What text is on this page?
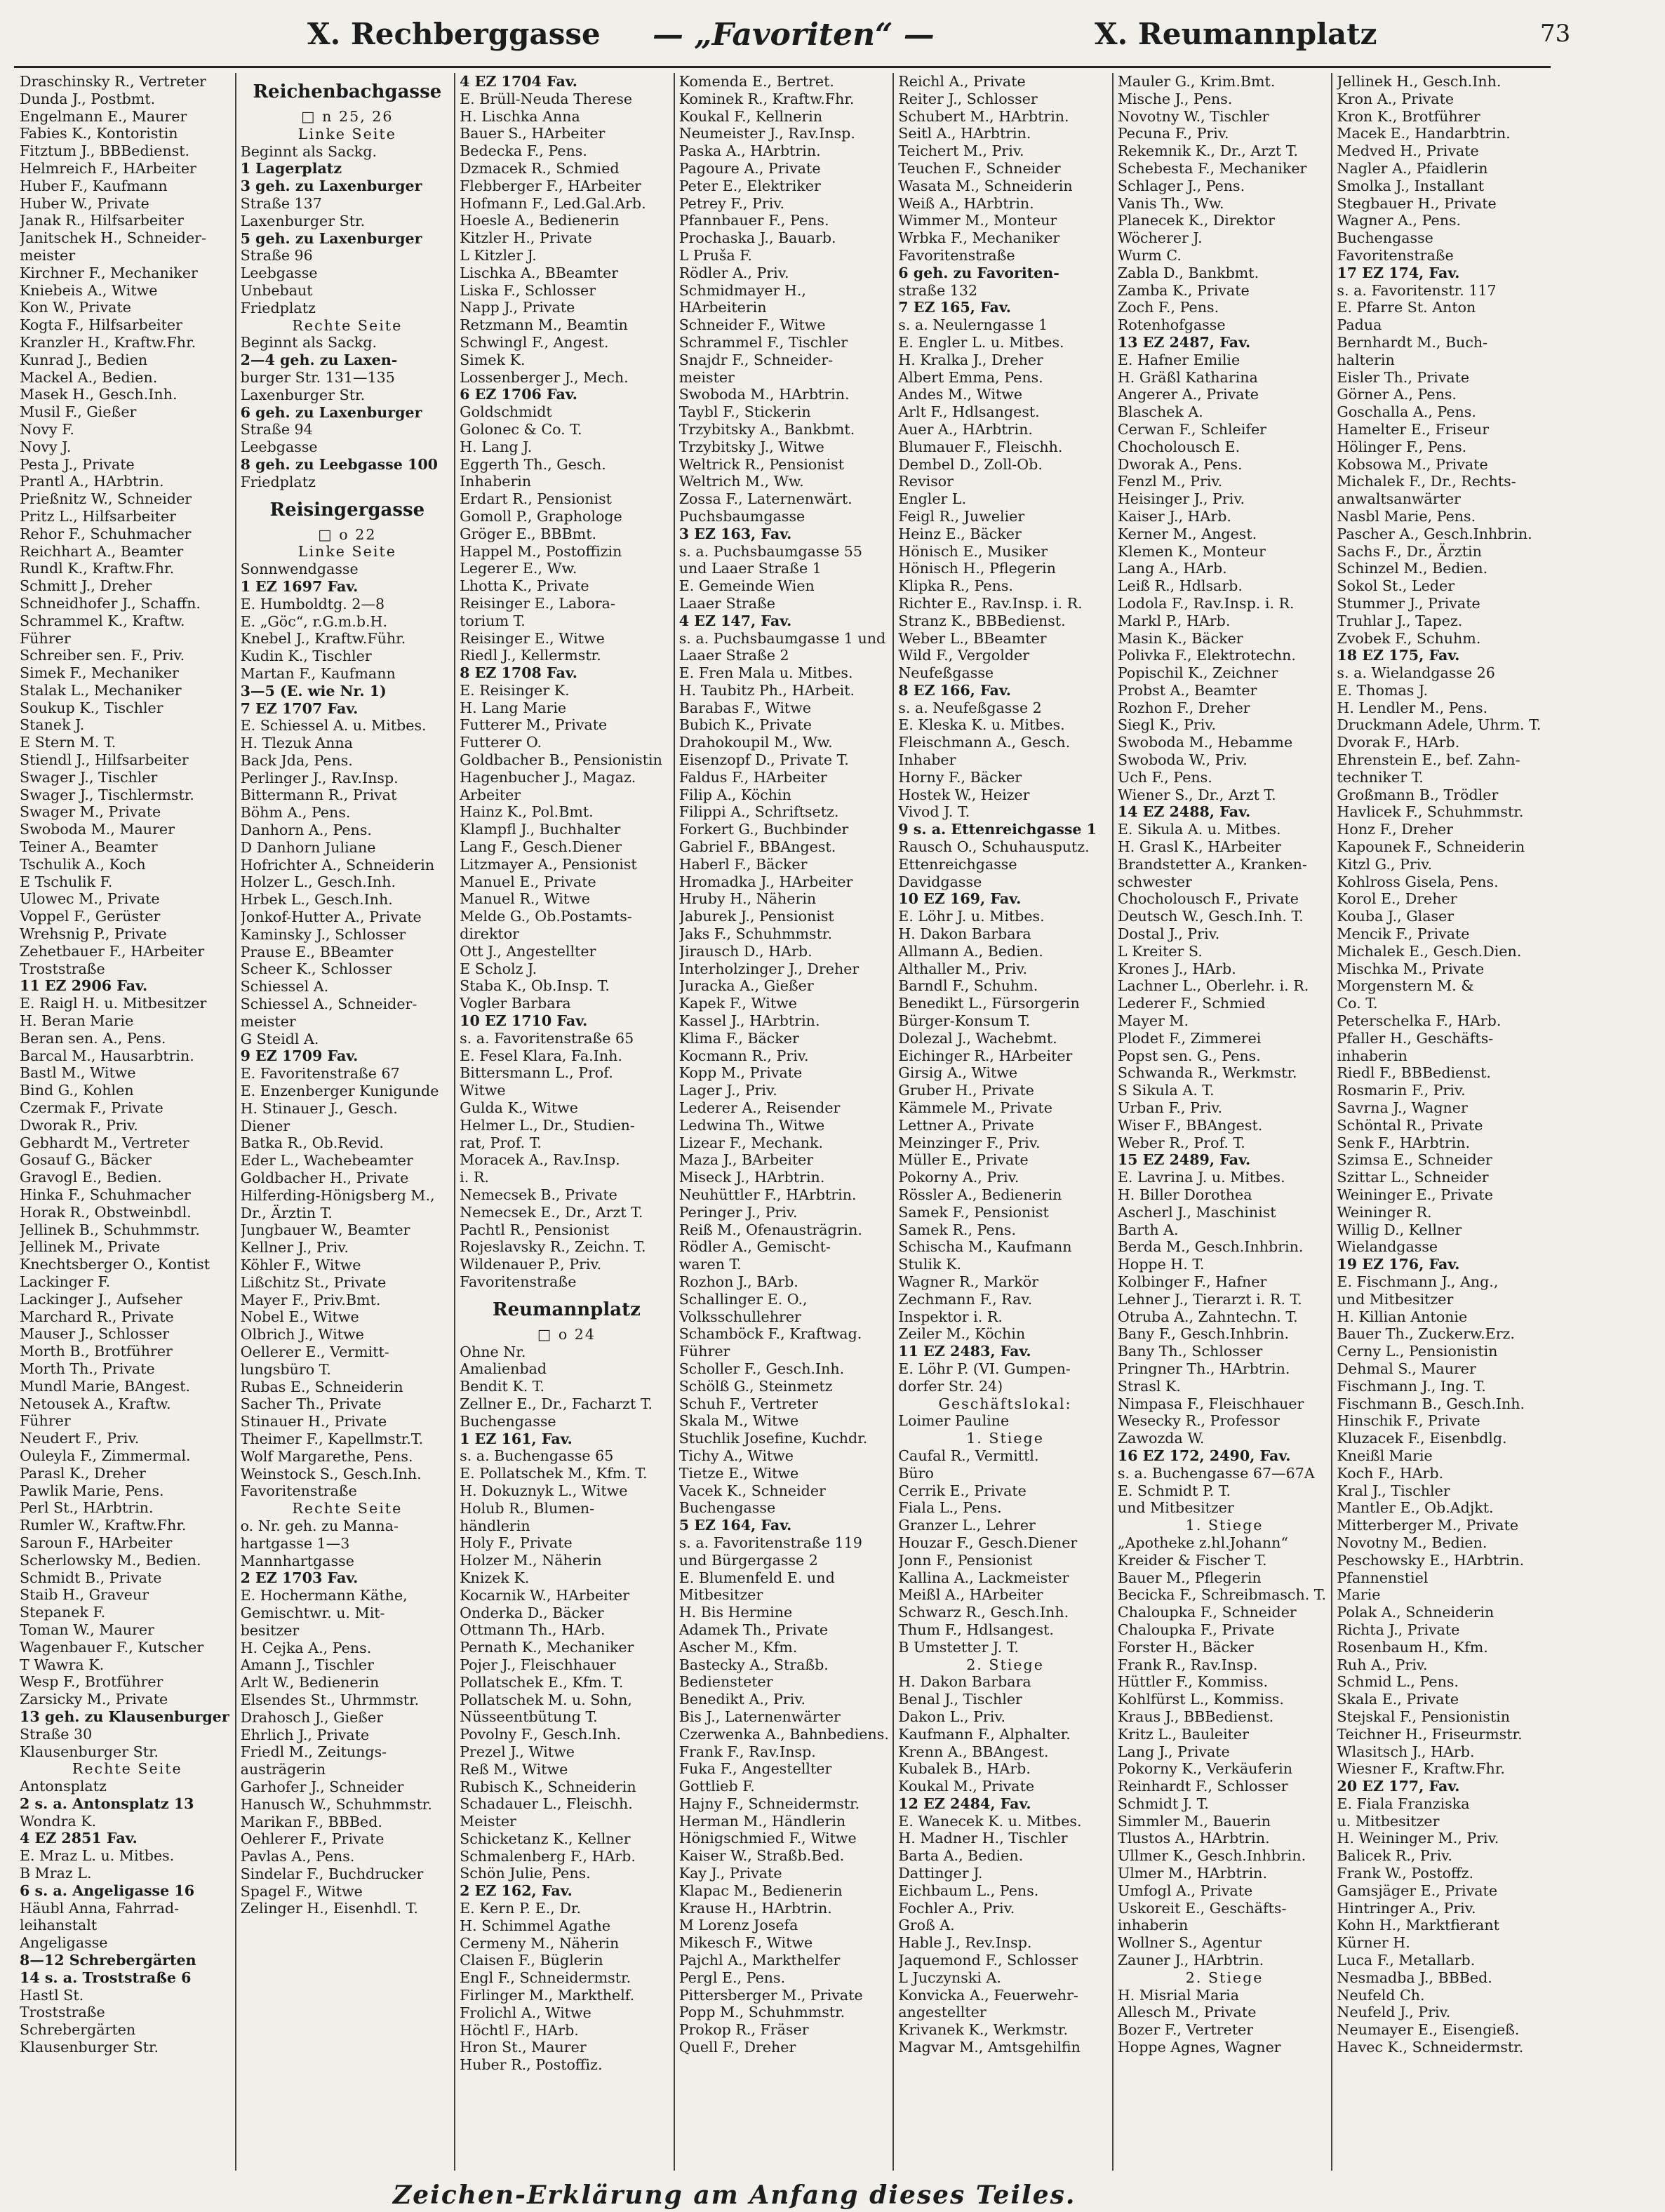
X. Rechberggasse — „Favoriten“ —	X. Reumannplatz	73
Draschinsky R., Vertreter
Dunda J., Postbmt.
Engelmann E., Maurer
Fabies K., Kontoristin
Fitztum J., BBBedienst.
Helmreich F., HArbeiter
Huber F., Kaufmann
Huber W., Private
Janak R., Hilfsarbeiter
Janitschek H., Schneider-
meister
Kirchner F., Mechaniker
Kniebeis A., Witwe
Kon W., Private
Kogta F., Hilfsarbeiter
Kranzler H., Kraftw.Fhr.
Kunrad J., Bedien
Mackel A., Bedien.
Masek H., Gesch.Inh.
Musil F., Gießer
Novy F.
Novy J.
Pesta J., Private
Prantl A., HArbtrin.
Prießnitz W., Schneider
Pritz L., Hilfsarbeiter
Rehor F., Schuhmacher
Reichhart A., Beamter
Rundl K., Kraftw.Fhr.
Schmitt J., Dreher
Schneidhofer J., Schaffn.
Schrammel K., Kraftw.
Führer
Schreiber sen. F., Priv.
Simek F., Mechaniker
Stalak L., Mechaniker
Soukup K., Tischler
Stanek J.
E Stern M. T.
Stiendl J., Hilfsarbeiter
Swager J., Tischler
Swager J., Tischlermstr.
Swager M., Private
Swoboda M., Maurer
Teiner A., Beamter
Tschulik A., Koch
E Tschulik F.
Ulowec M., Private
Voppel F., Gerüster
Wrehsnig P., Private
Zehetbauer F., HArbeiter
Troststraße
11 EZ 2906 Fav.
E. Raigl H. u. Mitbesitzer
H. Beran Marie
Beran sen. A., Pens.
Barcal M., Hausarbtrin.
Bastl M., Witwe
Bind G., Kohlen
Czermak F., Private
Dworak R., Priv.
Gebhardt M., Vertreter
Gosauf G., Bäcker
Gravogl E., Bedien.
Hinka F., Schuhmacher
Horak R., Obstweinbdl.
Jellinek B., Schuhmmstr.
Jellinek M., Private
Knechtsberger O., Kontist
Lackinger F.
Lackinger J., Aufseher
Marchard R., Private
Mauser J., Schlosser
Morth B., Brotführer
Morth Th., Private
Mundl Marie, BAngest.
Netousek A., Kraftw.
Führer
Neudert F., Priv.
Ouleyla F., Zimmermal.
Parasl K., Dreher
Pawlik Marie, Pens.
Perl St., HArbtrin.
Rumler W., Kraftw.Fhr.
Saroun F., HArbeiter
Scherlowsky M., Bedien.
Schmidt B., Private
Staib H., Graveur
Stepanek F.
Toman W., Maurer
Wagenbauer F., Kutscher
T Wawra K.
Wesp F., Brotführer
Zarsicky M., Private
13 geh. zu Klausenburger
Straße 30
Klausenburger Str.
Rechte Seite
Antonsplatz
2 s. a. Antonsplatz 13
Wondra K.
4 EZ 2851 Fav.
E. Mraz L. u. Mitbes.
B Mraz L.
6 s. a. Angeligasse 16
Häubl Anna, Fahrrad-
leihanstalt
Angeligasse
8—12 Schrebergärten
14 s. a. Troststraße 6
Hastl St.
Troststraße
Schrebergärten
Klausenburger Str.
Reichenbachgasse
□ n 25, 26
Linke Seite
Beginnt als Sackg.
1 Lagerplatz
3 geh. zu Laxenburger
Straße 137
Laxenburger Str.
5 geh. zu Laxenburger
Straße 96
Leebgasse
Unbebaut
Friedplatz
Rechte Seite
Beginnt als Sackg.
2—4 geh. zu Laxen-
burger Str. 131—135
Laxenburger Str.
6 geh. zu Laxenburger
Straße 94
Leebgasse
8 geh. zu Leebgasse 100
Friedplatz
Reisingergasse
□ o 22
Linke Seite
Sonnwendgasse
1 EZ 1697 Fav.
E. Humboldtg. 2—8
E. „Göc“, r.G.m.b.H.
Knebel J., Kraftw.Führ.
Kudin K., Tischler
Martan F., Kaufmann
3—5 (E. wie Nr. 1)
7 EZ 1707 Fav.
E. Schiessel A. u. Mitbes.
H. Tlezuk Anna
Back Jda, Pens.
Perlinger J., Rav.Insp.
Bittermann R., Privat
Böhm A., Pens.
Danhorn A., Pens.
D Danhorn Juliane
Hofrichter A., Schneiderin
Holzer L., Gesch.Inh.
Hrbek L., Gesch.Inh.
Jonkof-Hutter A., Private
Kaminsky J., Schlosser
Prause E., BBeamter
Scheer K., Schlosser
Schiessel A.
Schiessel A., Schneider-
meister
G Steidl A.
9 EZ 1709 Fav.
E. Favoritenstraße 67
E. Enzenberger Kunigunde
H. Stinauer J., Gesch.
Diener
Batka R., Ob.Revid.
Eder L., Wachebeamter
Goldbacher H., Private
Hilferding-Hönigsberg M.,
Dr., Ärztin T.
Jungbauer W., Beamter
Kellner J., Priv.
Köhler F., Witwe
Lißchitz St., Private
Mayer F., Priv.Bmt.
Nobel E., Witwe
Olbrich J., Witwe
Oellerer E., Vermitt-
lungsbüro T.
Rubas E., Schneiderin
Sacher Th., Private
Stinauer H., Private
Theimer F., Kapellmstr.T.
Wolf Margarethe, Pens.
Weinstock S., Gesch.Inh.
Favoritenstraße
Rechte Seite
o. Nr. geh. zu Manna-
hartgasse 1—3
Mannhartgasse
2 EZ 1703 Fav.
E. Hochermann Käthe,
Gemischtwr. u. Mit-
besitzer
H. Cejka A., Pens.
Amann J., Tischler
Arlt W., Bedienerin
Elsendes St., Uhrmmstr.
Drahosch J., Gießer
Ehrlich J., Private
Friedl M., Zeitungs-
austrägerin
Garhofer J., Schneider
Hanusch W., Schuhmmstr.
Marikan F., BBBed.
Oehlerer F., Private
Pavlas A., Pens.
Sindelar F., Buchdrucker
Spagel F., Witwe
Zelinger H., Eisenhdl. T.
4 EZ 1704 Fav.
E. Brüll-Neuda Therese
H. Lischka Anna
Bauer S., HArbeiter
Bedecka F., Pens.
Dzmacek R., Schmied
Flebberger F., HArbeiter
Hofmann F., Led.Gal.Arb.
Hoesle A., Bedienerin
Kitzler H., Private
L Kitzler J.
Lischka A., BBeamter
Liska F., Schlosser
Napp J., Private
Retzmann M., Beamtin
Schwingl F., Angest.
Simek K.
Lossenberger J., Mech.
6 EZ 1706 Fav.
Goldschmidt
Golonec & Co. T.
H. Lang J.
Eggerth Th., Gesch.
Inhaberin
Erdart R., Pensionist
Gomoll P., Graphologe
Gröger E., BBBmt.
Happel M., Postoffizin
Legerer E., Ww.
Lhotta K., Private
Reisinger E., Labora-
torium T.
Reisinger E., Witwe
Riedl J., Kellermstr.
8 EZ 1708 Fav.
E. Reisinger K.
H. Lang Marie
Futterer M., Private
Futterer O.
Goldbacher B., Pensionistin
Hagenbucher J., Magaz.
Arbeiter
Hainz K., Pol.Bmt.
Klampfl J., Buchhalter
Lang F., Gesch.Diener
Litzmayer A., Pensionist
Manuel E., Private
Manuel R., Witwe
Melde G., Ob.Postamts-
direktor
Ott J., Angestellter
E Scholz J.
Staba K., Ob.Insp. T.
Vogler Barbara
10 EZ 1710 Fav.
s. a. Favoritenstraße 65
E. Fesel Klara, Fa.Inh.
Bittersmann L., Prof.
Witwe
Gulda K., Witwe
Helmer L., Dr., Studien-
rat, Prof. T.
Moracek A., Rav.Insp.
i. R.
Nemecsek B., Private
Nemecsek E., Dr., Arzt T.
Pachtl R., Pensionist
Rojeslavsky R., Zeichn. T.
Wildenauer P., Priv.
Favoritenstraße
Reumannplatz
□ o 24
Ohne Nr.
Amalienbad
Bendit K. T.
Zellner E., Dr., Facharzt T.
Buchengasse
1 EZ 161, Fav.
s. a. Buchengasse 65
E. Pollatschek M., Kfm. T.
H. Dokuznyk L., Witwe
Holub R., Blumen-
händlerin
Holy F., Private
Holzer M., Näherin
Knizek K.
Kocarnik W., HArbeiter
Onderka D., Bäcker
Ottmann Th., HArb.
Pernath K., Mechaniker
Pojer J., Fleischhauer
Pollatschek E., Kfm. T.
Pollatschek M. u. Sohn,
Nüsseentbütung T.
Povolny F., Gesch.Inh.
Prezel J., Witwe
Reß M., Witwe
Rubisch K., Schneiderin
Schadauer L., Fleischh.
Meister
Schicketanz K., Kellner
Schmalenberg F., HArb.
Schön Julie, Pens.
2 EZ 162, Fav.
E. Kern P. E., Dr.
H. Schimmel Agathe
Cermeny M., Näherin
Claisen F., Büglerin
Engl F., Schneidermstr.
Firlinger M., Markthelf.
Frolichl A., Witwe
Höchtl F., HArb.
Hron St., Maurer
Huber R., Postoffiz.
Komenda E., Bertret.
Kominek R., Kraftw.Fhr.
Koukal F., Kellnerin
Neumeister J., Rav.Insp.
Paska A., HArbtrin.
Pagoure A., Private
Peter E., Elektriker
Petrey F., Priv.
Pfannbauer F., Pens.
Prochaska J., Bauarb.
L Pruša F.
Rödler A., Priv.
Schmidmayer H.,
HArbeiterin
Schneider F., Witwe
Schrammel F., Tischler
Snajdr F., Schneider-
meister
Swoboda M., HArbtrin.
Taybl F., Stickerin
Trzybitsky A., Bankbmt.
Trzybitsky J., Witwe
Weltrick R., Pensionist
Weltrich M., Ww.
Zossa F., Laternenwärt.
Puchsbaumgasse
3 EZ 163, Fav.
s. a. Puchsbaumgasse 55
und Laaer Straße 1
E. Gemeinde Wien
Laaer Straße
4 EZ 147, Fav.
s. a. Puchsbaumgasse 1 und
Laaer Straße 2
E. Fren Mala u. Mitbes.
H. Taubitz Ph., HArbeit.
Barabas F., Witwe
Bubich K., Private
Drahokoupil M., Ww.
Eisenzopf D., Private T.
Faldus F., HArbeiter
Filip A., Köchin
Filippi A., Schriftsetz.
Forkert G., Buchbinder
Gabriel F., BBAngest.
Haberl F., Bäcker
Hromadka J., HArbeiter
Hruby H., Näherin
Jaburek J., Pensionist
Jaks F., Schuhmmstr.
Jirausch D., HArb.
Interholzinger J., Dreher
Juracka A., Gießer
Kapek F., Witwe
Kassel J., HArbtrin.
Klima F., Bäcker
Kocmann R., Priv.
Kopp M., Private
Lager J., Priv.
Lederer A., Reisender
Ledwina Th., Witwe
Lizear F., Mechank.
Maza J., BArbeiter
Miseck J., HArbtrin.
Neuhüttler F., HArbtrin.
Peringer J., Priv.
Reiß M., Ofenausträgrin.
Rödler A., Gemischt-
waren T.
Rozhon J., BArb.
Schallinger E. O.,
Volksschullehrer
Schamböck F., Kraftwag.
Führer
Scholler F., Gesch.Inh.
Schölß G., Steinmetz
Schuh F., Vertreter
Skala M., Witwe
Stuchlik Josefine, Kuchdr.
Tichy A., Witwe
Tietze E., Witwe
Vacek K., Schneider
Buchengasse
5 EZ 164, Fav.
s. a. Favoritenstraße 119
und Bürgergasse 2
E. Blumenfeld E. und
Mitbesitzer
H. Bis Hermine
Adamek Th., Private
Ascher M., Kfm.
Bastecky A., Straßb.
Bediensteter
Benedikt A., Priv.
Bis J., Laternenwärter
Czerwenka A., Bahnbediens.
Frank F., Rav.Insp.
Fuka F., Angestellter
Gottlieb F.
Hajny F., Schneidermstr.
Herman M., Händlerin
Hönigschmied F., Witwe
Kaiser W., Straßb.Bed.
Kay J., Private
Klapac M., Bedienerin
Krause H., HArbtrin.
M Lorenz Josefa
Mikesch F., Witwe
Pajchl A., Markthelfer
Pergl E., Pens.
Pittersberger M., Private
Popp M., Schuhmmstr.
Prokop R., Fräser
Quell F., Dreher
Reichl A., Private
Reiter J., Schlosser
Schubert M., HArbtrin.
Seitl A., HArbtrin.
Teichert M., Priv.
Teuchen F., Schneider
Wasata M., Schneiderin
Weiß A., HArbtrin.
Wimmer M., Monteur
Wrbka F., Mechaniker
Favoritenstraße
6 geh. zu Favoriten-
straße 132
7 EZ 165, Fav.
s. a. Neulerngasse 1
E. Engler L. u. Mitbes.
H. Kralka J., Dreher
Albert Emma, Pens.
Andes M., Witwe
Arlt F., Hdlsangest.
Auer A., HArbtrin.
Blumauer F., Fleischh.
Dembel D., Zoll-Ob.
Revisor
Engler L.
Feigl R., Juwelier
Heinz E., Bäcker
Hönisch E., Musiker
Hönisch H., Pflegerin
Klipka R., Pens.
Richter E., Rav.Insp. i. R.
Stranz K., BBBedienst.
Weber L., BBeamter
Wild F., Vergolder
Neufeßgasse
8 EZ 166, Fav.
s. a. Neufeßgasse 2
E. Kleska K. u. Mitbes.
Fleischmann A., Gesch.
Inhaber
Horny F., Bäcker
Hostek W., Heizer
Vivod J. T.
9 s. a. Ettenreichgasse 1
Rausch O., Schuhausputz.
Ettenreichgasse
Davidgasse
10 EZ 169, Fav.
E. Löhr J. u. Mitbes.
H. Dakon Barbara
Allmann A., Bedien.
Althaller M., Priv.
Barndl F., Schuhm.
Benedikt L., Fürsorgerin
Bürger-Konsum T.
Dolezal J., Wachebmt.
Eichinger R., HArbeiter
Girsig A., Witwe
Gruber H., Private
Kämmele M., Private
Lettner A., Private
Meinzinger F., Priv.
Müller E., Private
Pokorny A., Priv.
Rössler A., Bedienerin
Samek F., Pensionist
Samek R., Pens.
Schischa M., Kaufmann
Stulik K.
Wagner R., Markör
Zechmann F., Rav.
Inspektor i. R.
Zeiler M., Köchin
11 EZ 2483, Fav.
E. Löhr P. (VI. Gumpen-
dorfer Str. 24)
Geschäftslokal:
Loimer Pauline
1. Stiege
Caufal R., Vermittl.
Büro
Cerrik E., Private
Fiala L., Pens.
Granzer L., Lehrer
Houzar F., Gesch.Diener
Jonn F., Pensionist
Kallina A., Lackmeister
Meißl A., HArbeiter
Schwarz R., Gesch.Inh.
Thum F., Hdlsangest.
B Umstetter J. T.
2. Stiege
H. Dakon Barbara
Benal J., Tischler
Dakon L., Priv.
Kaufmann F., Alphalter.
Krenn A., BBAngest.
Kubalek B., HArb.
Koukal M., Private
12 EZ 2484, Fav.
E. Wanecek K. u. Mitbes.
H. Madner H., Tischler
Barta A., Bedien.
Dattinger J.
Eichbaum L., Pens.
Fochler A., Priv.
Groß A.
Hable J., Rev.Insp.
Jaquemond F., Schlosser
L Juczynski A.
Konvicka A., Feuerwehr-
angestellter
Krivanek K., Werkmstr.
Magvar M., Amtsgehilfin
Mauler G., Krim.Bmt.
Mische J., Pens.
Novotny W., Tischler
Pecuna F., Priv.
Rekemnik K., Dr., Arzt T.
Schebesta F., Mechaniker
Schlager J., Pens.
Vanis Th., Ww.
Planecek K., Direktor
Wöcherer J.
Wurm C.
Zabla D., Bankbmt.
Zamba K., Private
Zoch F., Pens.
Rotenhofgasse
13 EZ 2487, Fav.
E. Hafner Emilie
H. Gräßl Katharina
Angerer A., Private
Blaschek A.
Cerwan F., Schleifer
Chocholousch E.
Dworak A., Pens.
Fenzl M., Priv.
Heisinger J., Priv.
Kaiser J., HArb.
Kerner M., Angest.
Klemen K., Monteur
Lang A., HArb.
Leiß R., Hdlsarb.
Lodola F., Rav.Insp. i. R.
Markl P., HArb.
Masin K., Bäcker
Polivka F., Elektrotechn.
Popischil K., Zeichner
Probst A., Beamter
Rozhon F., Dreher
Siegl K., Priv.
Swoboda M., Hebamme
Swoboda W., Priv.
Uch F., Pens.
Wiener S., Dr., Arzt T.
14 EZ 2488, Fav.
E. Sikula A. u. Mitbes.
H. Grasl K., HArbeiter
Brandstetter A., Kranken-
schwester
Chocholousch F., Private
Deutsch W., Gesch.Inh. T.
Dostal J., Priv.
L Kreiter S.
Krones J., HArb.
Lachner L., Oberlehr. i. R.
Lederer F., Schmied
Mayer M.
Plodet F., Zimmerei
Popst sen. G., Pens.
Schwanda R., Werkmstr.
S Sikula A. T.
Urban F., Priv.
Wiser F., BBAngest.
Weber R., Prof. T.
15 EZ 2489, Fav.
E. Lavrina J. u. Mitbes.
H. Biller Dorothea
Ascherl J., Maschinist
Barth A.
Berda M., Gesch.Inhbrin.
Hoppe H. T.
Kolbinger F., Hafner
Lehner J., Tierarzt i. R. T.
Otruba A., Zahntechn. T.
Bany F., Gesch.Inhbrin.
Bany Th., Schlosser
Pringner Th., HArbtrin.
Strasl K.
Nimpasa F., Fleischhauer
Wesecky R., Professor
Zawozda W.
16 EZ 172, 2490, Fav.
s. a. Buchengasse 67—67A
E. Schmidt P. T.
und Mitbesitzer
1. Stiege
„Apotheke z.hl.Johann“
Kreider & Fischer T.
Bauer M., Pflegerin
Becicka F., Schreibmasch. T.
Chaloupka F., Schneider
Chaloupka F., Private
Forster H., Bäcker
Frank R., Rav.Insp.
Hüttler F., Kommiss.
Kohlfürst L., Kommiss.
Kraus J., BBBedienst.
Kritz L., Bauleiter
Lang J., Private
Pokorny K., Verkäuferin
Reinhardt F., Schlosser
Schmidt J. T.
Simmler M., Bauerin
Tlustos A., HArbtrin.
Ullmer K., Gesch.Inhbrin.
Ulmer M., HArbtrin.
Umfogl A., Private
Uskoreit E., Geschäfts-
inhaberin
Wollner S., Agentur
Zauner J., HArbtrin.
2. Stiege
H. Misrial Maria
Allesch M., Private
Bozer F., Vertreter
Hoppe Agnes, Wagner
Jellinek H., Gesch.Inh.
Kron A., Private
Kron K., Brotführer
Macek E., Handarbtrin.
Medved H., Private
Nagler A., Pfaidlerin
Smolka J., Installant
Stegbauer H., Private
Wagner A., Pens.
Buchengasse
Favoritenstraße
17 EZ 174, Fav.
s. a. Favoritenstr. 117
E. Pfarre St. Anton
Padua
Bernhardt M., Buch-
halterin
Eisler Th., Private
Görner A., Pens.
Goschalla A., Pens.
Hamelter E., Friseur
Hölinger F., Pens.
Kobsowa M., Private
Michalek F., Dr., Rechts-
anwaltsanwärter
Nasbl Marie, Pens.
Pascher A., Gesch.Inhbrin.
Sachs F., Dr., Ärztin
Schinzel M., Bedien.
Sokol St., Leder
Stummer J., Private
Truhlar J., Tapez.
Zvobek F., Schuhm.
18 EZ 175, Fav.
s. a. Wielandgasse 26
E. Thomas J.
H. Lendler M., Pens.
Druckmann Adele, Uhrm. T.
Dvorak F., HArb.
Ehrenstein E., bef. Zahn-
techniker T.
Großmann B., Trödler
Havlicek F., Schuhmmstr.
Honz F., Dreher
Kapounek F., Schneiderin
Kitzl G., Priv.
Kohlross Gisela, Pens.
Korol E., Dreher
Kouba J., Glaser
Mencik F., Private
Michalek E., Gesch.Dien.
Mischka M., Private
Morgenstern M. &
Co. T.
Peterschelka F., HArb.
Pfaller H., Geschäfts-
inhaberin
Riedl F., BBBedienst.
Rosmarin F., Priv.
Savrna J., Wagner
Schöntal R., Private
Senk F., HArbtrin.
Szimsa E., Schneider
Szittar L., Schneider
Weininger E., Private
Weininger R.
Willig D., Kellner
Wielandgasse
19 EZ 176, Fav.
E. Fischmann J., Ang.,
und Mitbesitzer
H. Killian Antonie
Bauer Th., Zuckerw.Erz.
Cerny L., Pensionistin
Dehmal S., Maurer
Fischmann J., Ing. T.
Fischmann B., Gesch.Inh.
Hinschik F., Private
Kluzacek F., Eisenbdlg.
Kneißl Marie
Koch F., HArb.
Kral J., Tischler
Mantler E., Ob.Adjkt.
Mitterberger M., Private
Novotny M., Bedien.
Peschowsky E., HArbtrin.
Pfannenstiel
Marie
Polak A., Schneiderin
Richta J., Private
Rosenbaum H., Kfm.
Ruh A., Priv.
Schmid L., Pens.
Skala E., Private
Stejskal F., Pensionistin
Teichner H., Friseurmstr.
Wlasitsch J., HArb.
Wiesner F., Kraftw.Fhr.
20 EZ 177, Fav.
E. Fiala Franziska
u. Mitbesitzer
H. Weininger M., Priv.
Balicek R., Priv.
Frank W., Postoffz.
Gamsjäger E., Private
Hintringer A., Priv.
Kohn H., Marktfierant
Kürner H.
Luca F., Metallarb.
Nesmadba J., BBBed.
Neufeld Ch.
Neufeld J., Priv.
Neumayer E., Eisengieß.
Havec K., Schneidermstr.
Zeichen-Erklärung am Anfang dieses Teiles.
